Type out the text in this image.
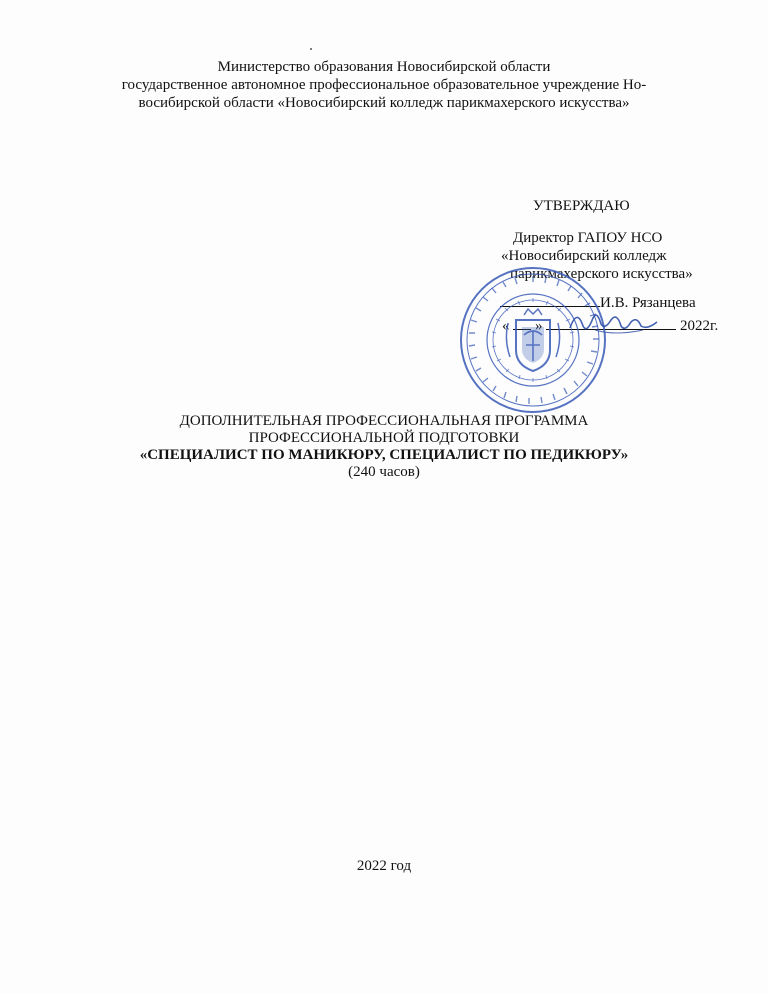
Министерство образования Новосибирской области
государственное автономное профессиональное образовательное учреждение Но-
восибирской области «Новосибирский колледж парикмахерского искусства»
УТВЕРЖДАЮ
Директор ГАПОУ НСО
«Новосибирский колледж
парикмахерского искусства»
И.В. Рязанцева
« »	2022г.
ДОПОЛНИТЕЛЬНАЯ ПРОФЕССИОНАЛЬНАЯ ПРОГРАММА
ПРОФЕССИОНАЛЬНОЙ ПОДГОТОВКИ
«СПЕЦИАЛИСТ ПО МАНИКЮРУ, СПЕЦИАЛИСТ ПО ПЕДИКЮРУ»
(240 часов)
2022 год
